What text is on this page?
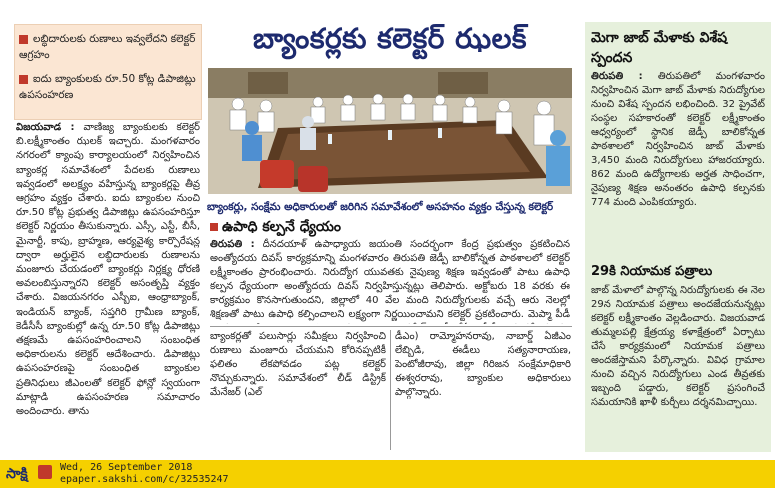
లబ్ధిదారులకు రుణాలు ఇవ్వలేదని కలెక్టర్ ఆగ్రహం
ఐదు బ్యాంకులకు రూ.50 కోట్ల డిపాజిట్లు ఉపసంహరణ
విజయవాడ : వాణిజ్య బ్యాంకులకు కలెక్టర్ బి.లక్ష్మీకాంతం ఝలక్ ఇచ్చారు. మంగళవారం నగరంలో క్యాంపు కార్యాలయంలో నిర్వహించిన బ్యాంకర్ల సమావేశంలో పేదలకు రుణాలు ఇవ్వడంలో అలక్ష్యం వహిస్తున్న బ్యాంకర్లపై తీవ్ర ఆగ్రహం వ్యక్తం చేశారు. ఐదు బ్యాంకుల నుంచి రూ.50 కోట్ల ప్రభుత్వ డిపాజిట్లు ఉపసంహరిస్తూ కలెక్టర్ నిర్ణయం తీసుకున్నారు. ఎస్సీ, ఎస్టీ, బీసీ, మైనార్టీ, కాపు, బ్రాహ్మణ, ఆర్యవైశ్య కార్పొరేషన్ల ద్వారా అర్హులైన లబ్ధిదారులకు రుణాలను మంజూరు చేయడంలో బ్యాంకర్లు నిర్లక్ష్య ధోరణి అవలంబిస్తున్నారని కలెక్టర్ అసంతృప్తి వ్యక్తం చేశారు. విజయనగరం ఎస్బీఐ, ఆంధ్రాబ్యాంక్, ఇండియన్ బ్యాంక్, సప్తగిరి గ్రామీణ బ్యాంక్, కెడీసీసీ బ్యాంకుల్లో ఉన్న రూ.50 కోట్ల డిపాజిట్లు తక్షణమే ఉపసంహరించాలని సంబంధిత అధికారులను కలెక్టర్ ఆదేశించారు. డిపాజిట్లు ఉపసంహరణపై సంబంధిత బ్యాంకుల ప్రతినిధులు జీఎంలతో కలెక్టర్ ఫోన్లో స్వయంగా మాట్లాడి ఉపసంహరణ సమాచారం అందించారు. తాను
బ్యాంకర్లకు కలెక్టర్ ఝలక్
బ్యాంకర్లు, సంక్షేమ అధికారులతో జరిగిన సమావేశంలో అసహనం వ్యక్తం చేస్తున్న కలెక్టర్
ఉపాధి కల్పనే ధ్యేయం
తిరుపతి : దీనదయాళ్ ఉపాధ్యాయ జయంతి సందర్భంగా కేంద్ర ప్రభుత్వం ప్రకటించిన అంత్యోదయ దివస్ కార్యక్రమాన్ని మంగళవారం తిరుపతి జెడ్పీ బాలికోన్నత పాఠశాలలో కలెక్టర్ లక్ష్మీకాంతం ప్రారంభించారు. నిరుద్యోగ యువతకు నైపుణ్య శిక్షణ ఇవ్వడంతో పాటు ఉపాధి కల్పన ధ్యేయంగా అంత్యోదయ దివస్ నిర్వహిస్తున్నట్లు తెలిపారు. అక్టోబరు 18 వరకు ఈ కార్యక్రమం కొనసాగుతుందని, జిల్లాలో 40 వేల మంది నిరుద్యోగులకు వచ్చే ఆరు నెలల్లో శిక్షణతో పాటు ఉపాధి కల్పించాలని లక్ష్యంగా నిర్ణయించామని కలెక్టర్ ప్రకటించారు. మెప్మా పీడీ
బ్యాంకర్లతో పలుసార్లు సమీక్షలు నిర్వహించి రుణాలు మంజూరు చేయమని కోరినప్పటికీ ఫలితం లేకపోవడం పట్ల కలెక్టర్ నొచ్చుకున్నారు. సమావేశంలో లీడ్ డిస్ట్రిక్ మేనేజర్ (ఎల్
డీఎం) రామ్మోహనరావు, నాబార్డ్ ఏజీఎం లేబ్బిడి, ఈడీలు సత్యనారాయణ, పెంటోజీరావు, జిల్లా గిరిజన సంక్షేమాధికారి ఈశ్వరరావు, బ్యాంకుల అధికారులు పాల్గొన్నారు.
మెగా జాబ్ మేళాకు విశేష స్పందన
తిరుపతి : తిరుపతిలో మంగళవారం నిర్వహించిన మెగా జాబ్ మేళాకు నిరుద్యోగుల నుంచి విశేష స్పందన లభించింది. 32 ప్రైవేట్ సంస్థల సహకారంతో కలెక్టర్ లక్ష్మీకాంతం ఆధ్వర్యంలో స్థానిక జెడ్పీ బాలికోన్నత పాఠశాలలో నిర్వహించిన జాబ్ మేళాకు 3,450 మంది నిరుద్యోగులు హాజరయ్యారు. 862 మంది ఉద్యోగాలకు అర్హత సాధించగా, నైపుణ్య శిక్షణ అనంతరం ఉపాధి కల్పనకు 774 మంది ఎంపికయ్యారు.
29కి నియామక పత్రాలు
జాబ్ మేళాలో పాల్గొన్న నిరుద్యోగులకు ఈ నెల 29న నియామక పత్రాలు అందజేయనున్నట్లు కలెక్టర్ లక్ష్మీకాంతం వెల్లడించారు. విజయవాడ తుమ్మలపల్లి క్షేత్రయ్య కళాక్షేత్రంలో ఏర్పాటు చేసే కార్యక్రమంలో నియామక పత్రాలు అందజేస్తామని పేర్కొన్నారు. వివిధ గ్రామాల నుంచి వచ్చిన నిరుద్యోగులు ఎండ తీవ్రతకు ఇబ్బంది పడ్డారు, కలెక్టర్ ప్రసంగించే సమయానికి ఖాళీ కుర్చీలు దర్శనమిచ్చాయి.
సాక్షి	Wed, 26 September 2018
epaper.sakshi.com/c/32535247
